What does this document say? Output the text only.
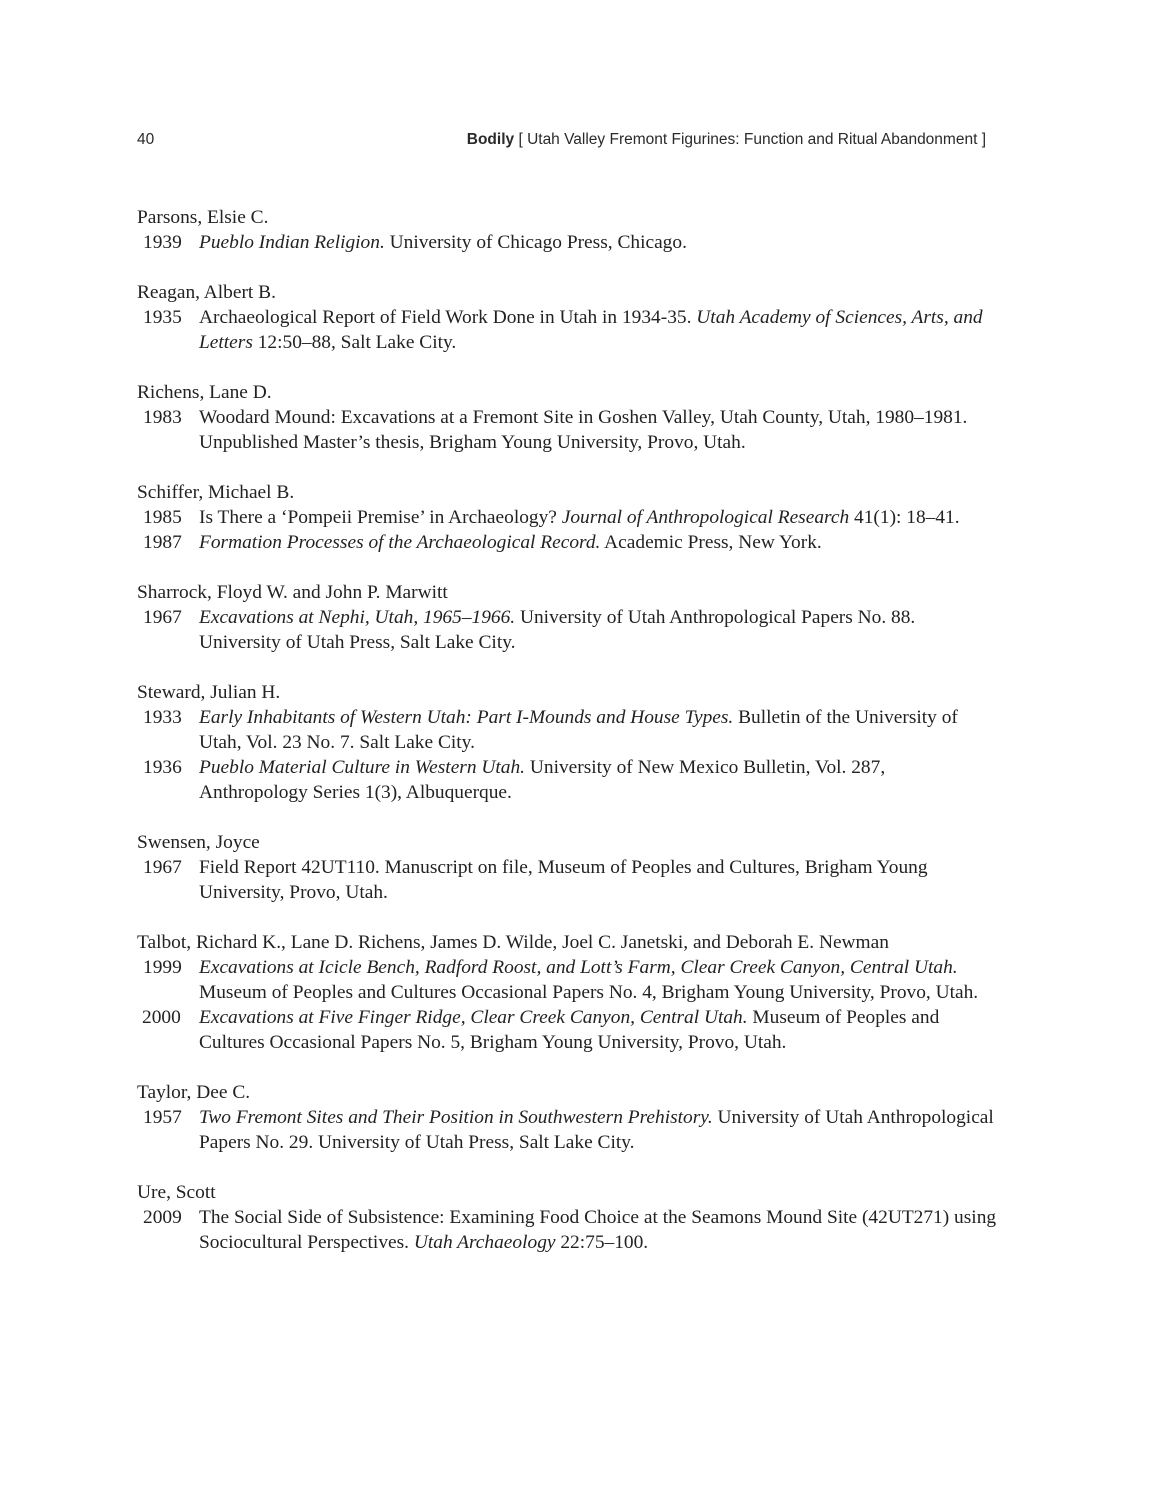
40	Bodily [ Utah Valley Fremont Figurines: Function and Ritual Abandonment ]
Parsons, Elsie C.
1939 Pueblo Indian Religion. University of Chicago Press, Chicago.
Reagan, Albert B.
1935 Archaeological Report of Field Work Done in Utah in 1934-35. Utah Academy of Sciences, Arts, and Letters 12:50–88, Salt Lake City.
Richens, Lane D.
1983 Woodard Mound: Excavations at a Fremont Site in Goshen Valley, Utah County, Utah, 1980–1981. Unpublished Master’s thesis, Brigham Young University, Provo, Utah.
Schiffer, Michael B.
1985 Is There a ‘Pompeii Premise’ in Archaeology? Journal of Anthropological Research 41(1): 18–41.
1987 Formation Processes of the Archaeological Record. Academic Press, New York.
Sharrock, Floyd W. and John P. Marwitt
1967 Excavations at Nephi, Utah, 1965–1966. University of Utah Anthropological Papers No. 88. University of Utah Press, Salt Lake City.
Steward, Julian H.
1933 Early Inhabitants of Western Utah: Part I-Mounds and House Types. Bulletin of the University of Utah, Vol. 23 No. 7. Salt Lake City.
1936 Pueblo Material Culture in Western Utah. University of New Mexico Bulletin, Vol. 287, Anthropology Series 1(3), Albuquerque.
Swensen, Joyce
1967 Field Report 42UT110. Manuscript on file, Museum of Peoples and Cultures, Brigham Young University, Provo, Utah.
Talbot, Richard K., Lane D. Richens, James D. Wilde, Joel C. Janetski, and Deborah E. Newman
1999 Excavations at Icicle Bench, Radford Roost, and Lott’s Farm, Clear Creek Canyon, Central Utah. Museum of Peoples and Cultures Occasional Papers No. 4, Brigham Young University, Provo, Utah.
2000 Excavations at Five Finger Ridge, Clear Creek Canyon, Central Utah. Museum of Peoples and Cultures Occasional Papers No. 5, Brigham Young University, Provo, Utah.
Taylor, Dee C.
1957 Two Fremont Sites and Their Position in Southwestern Prehistory. University of Utah Anthropological Papers No. 29. University of Utah Press, Salt Lake City.
Ure, Scott
2009 The Social Side of Subsistence: Examining Food Choice at the Seamons Mound Site (42UT271) using Sociocultural Perspectives. Utah Archaeology 22:75–100.
